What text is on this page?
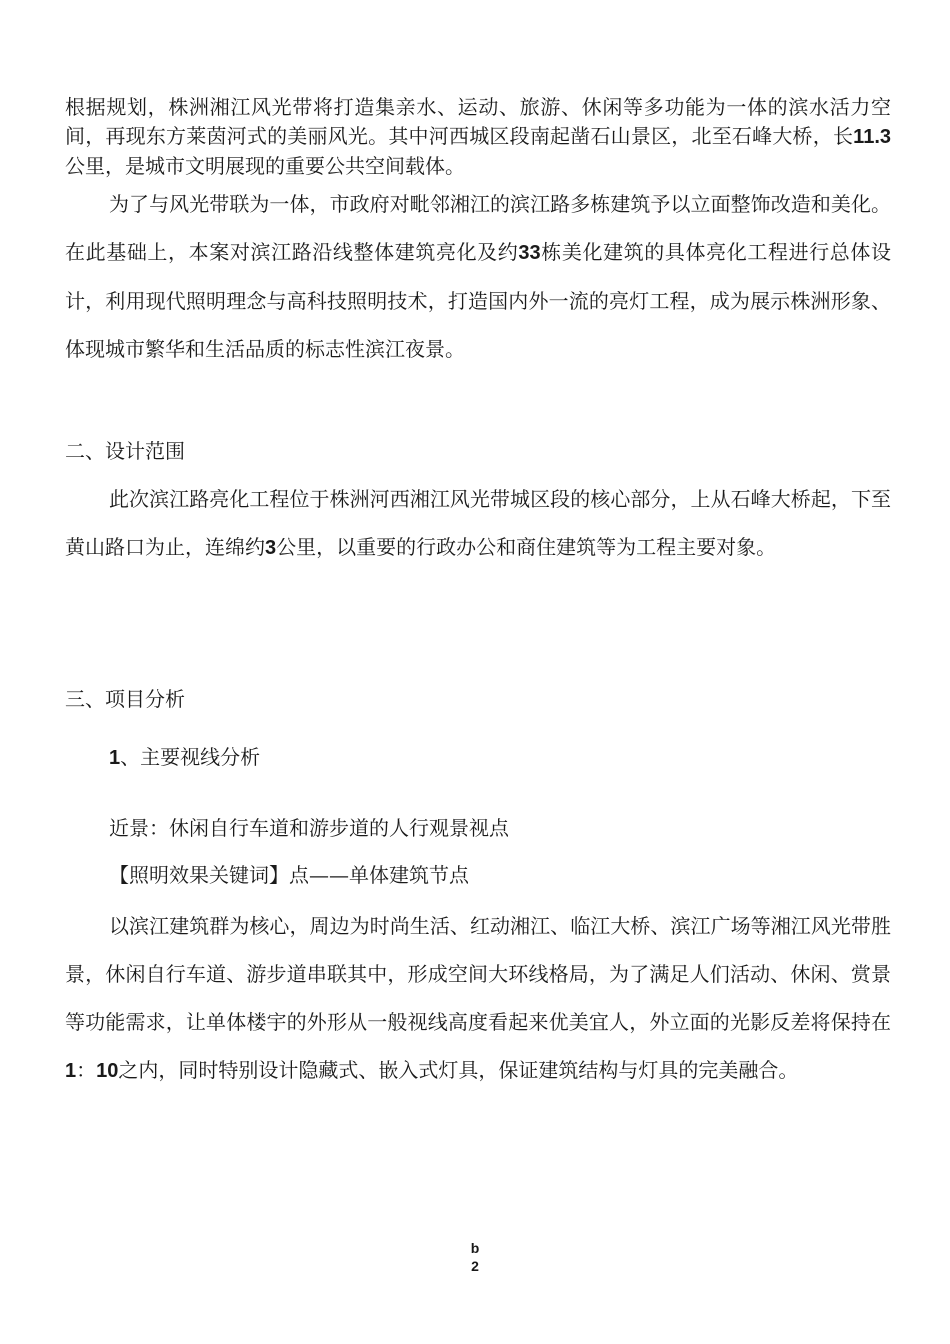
根据规划，株洲湘江风光带将打造集亲水、运动、旅游、休闲等多功能为一体的滨水活力空间，再现东方莱茵河式的美丽风光。其中河西城区段南起凿石山景区，北至石峰大桥，长11.3公里，是城市文明展现的重要公共空间载体。

为了与风光带联为一体，市政府对毗邻湘江的滨江路多栋建筑予以立面整饰改造和美化。在此基础上，本案对滨江路沿线整体建筑亮化及约33栋美化建筑的具体亮化工程进行总体设计，利用现代照明理念与高科技照明技术，打造国内外一流的亮灯工程，成为展示株洲形象、体现城市繁华和生活品质的标志性滨江夜景。

二、设计范围

此次滨江路亮化工程位于株洲河西湘江风光带城区段的核心部分，上从石峰大桥起，下至黄山路口为止，连绵约3公里，以重要的行政办公和商住建筑等为工程主要对象。

三、项目分析

1、主要视线分析

近景：休闲自行车道和游步道的人行观景视点

【照明效果关键词】点——单体建筑节点

以滨江建筑群为核心，周边为时尚生活、红动湘江、临江大桥、滨江广场等湘江风光带胜景，休闲自行车道、游步道串联其中，形成空间大环线格局，为了满足人们活动、休闲、赏景等功能需求，让单体楼宇的外形从一般视线高度看起来优美宜人，外立面的光影反差将保持在1：10之内，同时特别设计隐藏式、嵌入式灯具，保证建筑结构与灯具的完美融合。

b
2
